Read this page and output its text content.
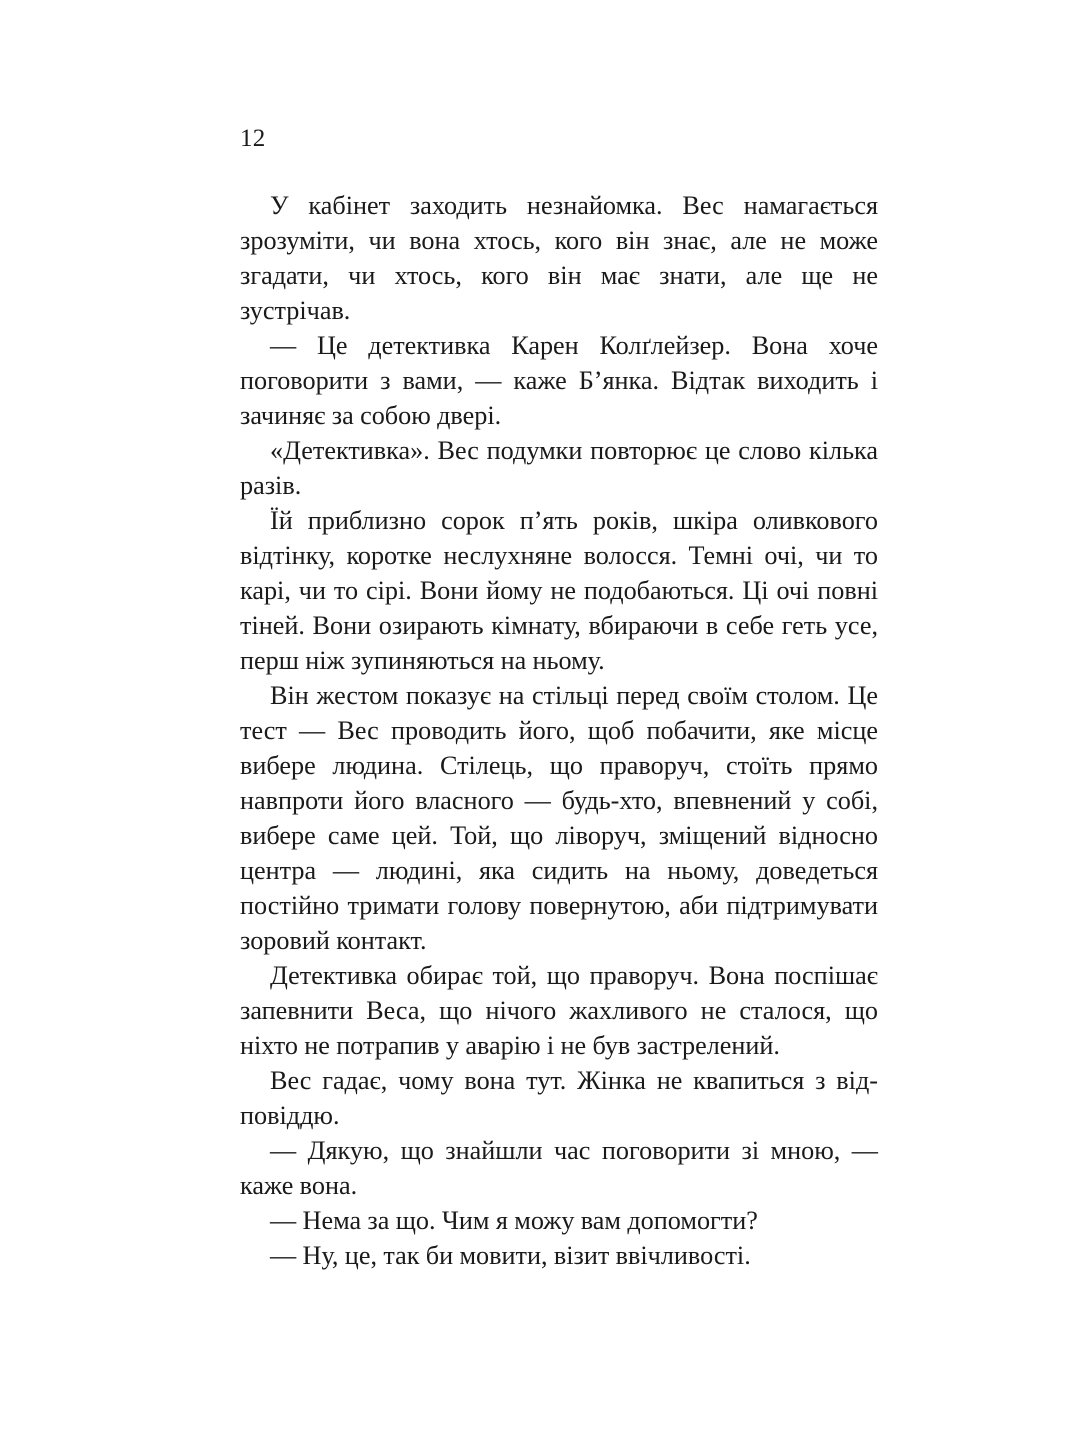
12

У кабінет заходить незнайомка. Вес намагається зрозуміти, чи вона хтось, кого він знає, але не може згадати, чи хтось, кого він має знати, але ще не зустрічав.

— Це детективка Карен Колґлейзер. Вона хоче поговорити з вами, — каже Б’янка. Відтак виходить і зачиняє за собою двері.

«Детективка». Вес подумки повторює це слово кілька разів.

Їй приблизно сорок п’ять років, шкіра оливкового відтінку, коротке неслухняне волосся. Темні очі, чи то карі, чи то сірі. Вони йому не подобаються. Ці очі повні тіней. Вони озирають кімнату, вбираючи в себе геть усе, перш ніж зупиняються на ньому.

Він жестом показує на стільці перед своїм столом. Це тест — Вес проводить його, щоб побачити, яке місце вибере людина. Стілець, що праворуч, стоїть прямо навпроти його власного — будь-хто, впевнений у собі, вибере саме цей. Той, що ліворуч, зміщений відносно центра — людині, яка сидить на ньому, доведеться постійно тримати голову повернутою, аби підтримувати зоровий контакт.

Детективка обирає той, що праворуч. Вона поспішає запевнити Веса, що нічого жахливого не сталося, що ніхто не потрапив у аварію і не був застрелений.

Вес гадає, чому вона тут. Жінка не квапиться з відповіддю.

— Дякую, що знайшли час поговорити зі мною, — каже вона.

— Нема за що. Чим я можу вам допомогти?

— Ну, це, так би мовити, візит ввічливості.
